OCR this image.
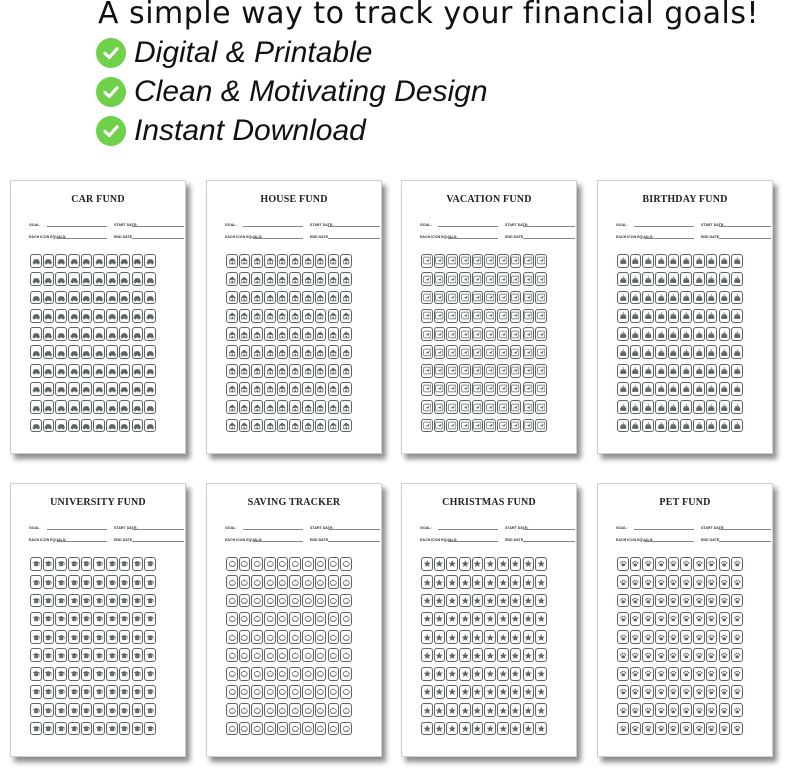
A simple way to track your financial goals!
Digital & Printable
Clean & Motivating Design
Instant Download
CAR FUND
GOAL:	START DATE:
EACH ICON EQUALS:	END DATE
HOUSE FUND
GOAL:	START DATE:
EACH ICON EQUALS:	END DATE
VACATION FUND
GOAL:	START DATE:
EACH ICON EQUALS:	END DATE
BIRTHDAY FUND
GOAL:	START DATE:
EACH ICON EQUALS:	END DATE
UNIVERSITY FUND
GOAL:	START DATE:
EACH ICON EQUALS:	END DATE
SAVING TRACKER
GOAL:	START DATE:
EACH ICON EQUALS:	END DATE
CHRISTMAS FUND
GOAL:	START DATE:
EACH ICON EQUALS:	END DATE
PET FUND
GOAL:	START DATE:
EACH ICON EQUALS:	END DATE
